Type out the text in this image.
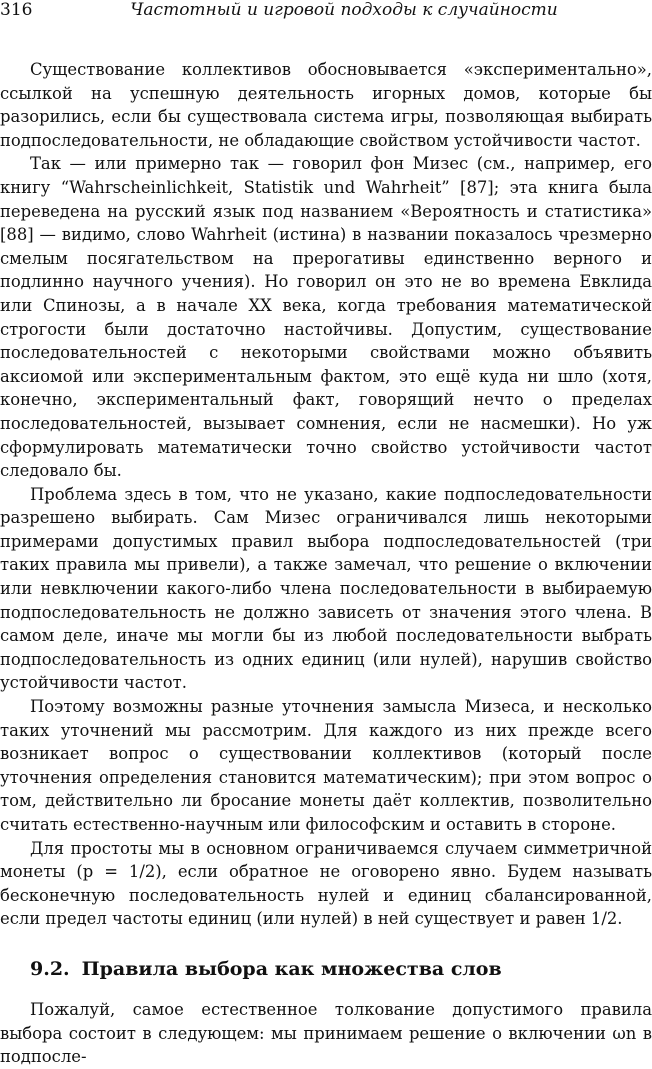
316	Частотный и игровой подходы к случайности

Существование коллективов обосновывается «экспериментально», ссылкой на успешную деятельность игорных домов, которые бы разорились, если бы существовала система игры, позволяющая выбирать подпоследовательности, не обладающие свойством устойчивости частот.

Так — или примерно так — говорил фон Мизес (см., например, его книгу “Wahrscheinlichkeit, Statistik und Wahrheit” [87]; эта книга была переведена на русский язык под названием «Вероятность и статистика» [88] — видимо, слово Wahrheit (истина) в названии показалось чрезмерно смелым посягательством на прерогативы единственно верного и подлинно научного учения). Но говорил он это не во времена Евклида или Спинозы, а в начале XX века, когда требования математической строгости были достаточно настойчивы. Допустим, существование последовательностей с некоторыми свойствами можно объявить аксиомой или экспериментальным фактом, это ещё куда ни шло (хотя, конечно, экспериментальный факт, говорящий нечто о пределах последовательностей, вызывает сомнения, если не насмешки). Но уж сформулировать математически точно свойство устойчивости частот следовало бы.

Проблема здесь в том, что не указано, какие подпоследовательности разрешено выбирать. Сам Мизес ограничивался лишь некоторыми примерами допустимых правил выбора подпоследовательностей (три таких правила мы привели), а также замечал, что решение о включении или невключении какого-либо члена последовательности в выбираемую подпоследовательность не должно зависеть от значения этого члена. В самом деле, иначе мы могли бы из любой последовательности выбрать подпоследовательность из одних единиц (или нулей), нарушив свойство устойчивости частот.

Поэтому возможны разные уточнения замысла Мизеса, и несколько таких уточнений мы рассмотрим. Для каждого из них прежде всего возникает вопрос о существовании коллективов (который после уточнения определения становится математическим); при этом вопрос о том, действительно ли бросание монеты даёт коллектив, позволительно считать естественно-научным или философским и оставить в стороне.

Для простоты мы в основном ограничиваемся случаем симметричной монеты (p = 1/2), если обратное не оговорено явно. Будем называть бесконечную последовательность нулей и единиц сбалансированной, если предел частоты единиц (или нулей) в ней существует и равен 1/2.

9.2. Правила выбора как множества слов

Пожалуй, самое естественное толкование допустимого правила выбора состоит в следующем: мы принимаем решение о включении ωn в подпосле-
